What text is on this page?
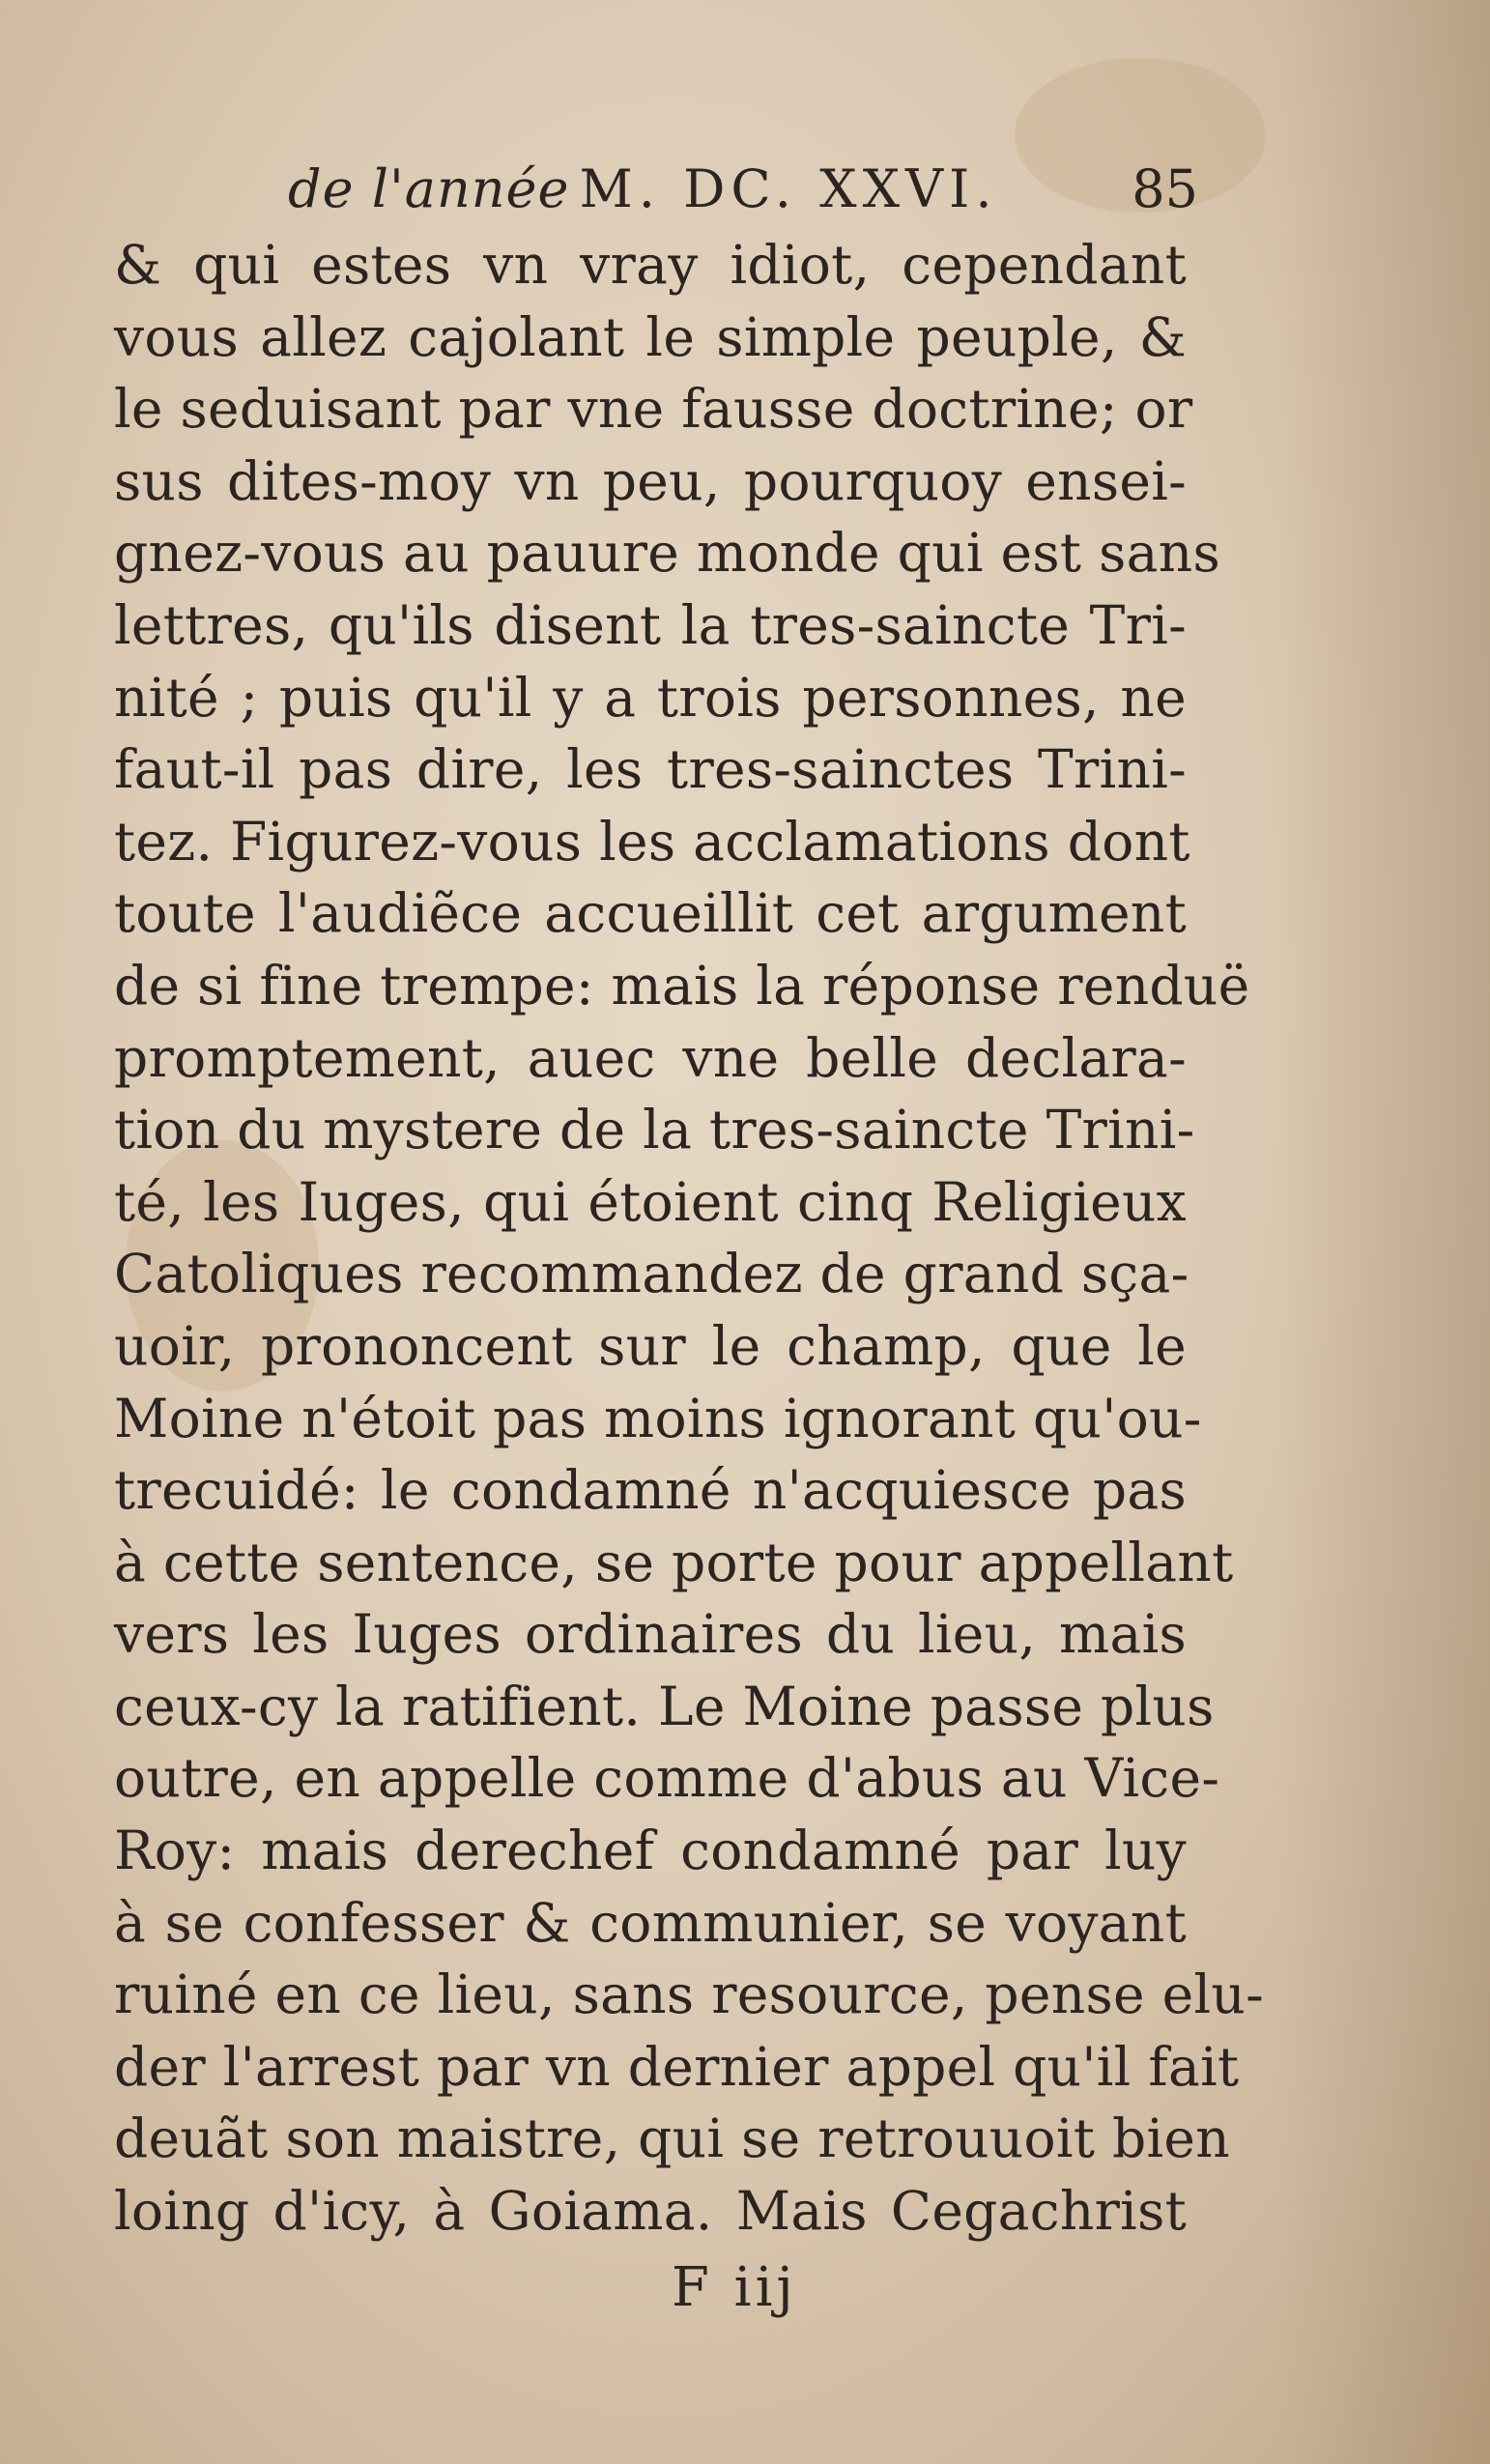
de l'année M. DC. XXVI.	85
& qui estes vn vray idiot, cependant
vous allez cajolant le simple peuple, &
le seduisant par vne fausse doctrine; or
sus dites-moy vn peu, pourquoy ensei-
gnez-vous au pauure monde qui est sans
lettres, qu'ils disent la tres-saincte Tri-
nité ; puis qu'il y a trois personnes, ne
faut-il pas dire, les tres-sainctes Trini-
tez. Figurez-vous les acclamations dont
toute l'audiẽce accueillit cet argument
de si fine trempe: mais la réponse renduë
promptement, auec vne belle declara-
tion du mystere de la tres-saincte Trini-
té, les Iuges, qui étoient cinq Religieux
Catoliques recommandez de grand sça-
uoir, prononcent sur le champ, que le
Moine n'étoit pas moins ignorant qu'ou-
trecuidé: le condamné n'acquiesce pas
à cette sentence, se porte pour appellant
vers les Iuges ordinaires du lieu, mais
ceux-cy la ratifient. Le Moine passe plus
outre, en appelle comme d'abus au Vice-
Roy: mais derechef condamné par luy
à se confesser & communier, se voyant
ruiné en ce lieu, sans resource, pense elu-
der l'arrest par vn dernier appel qu'il fait
deuãt son maistre, qui se retrouuoit bien
loing d'icy, à Goiama. Mais Cegachrist
F iij
